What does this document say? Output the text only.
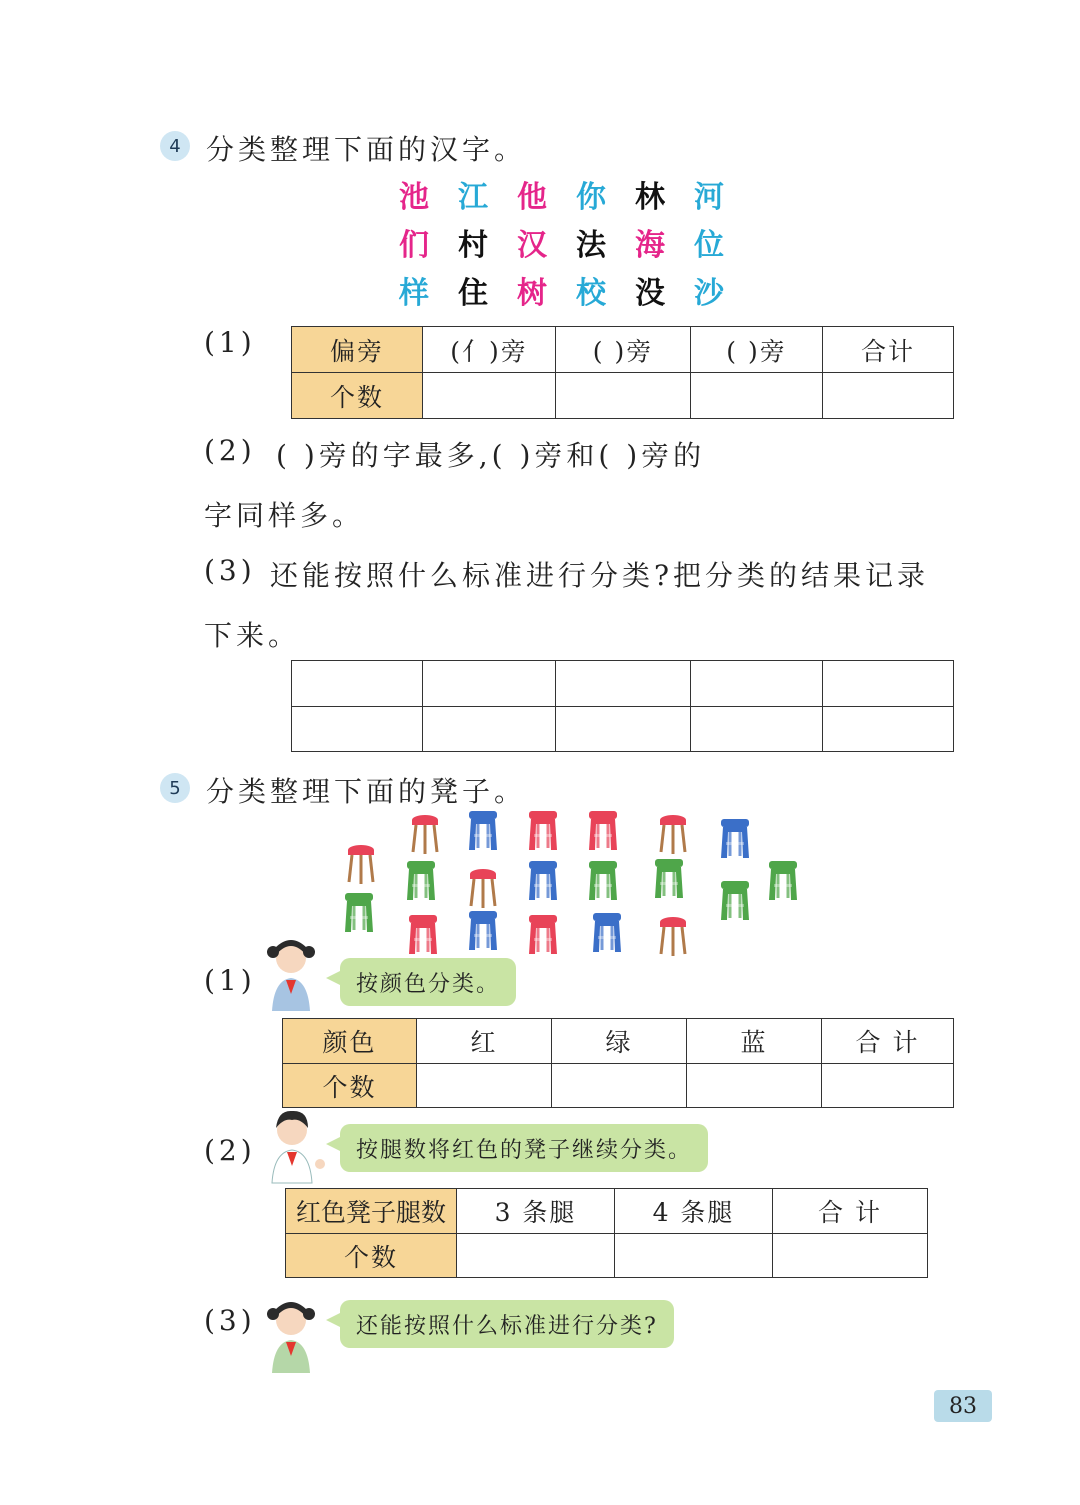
4 分类整理下面的汉字。
池 江 他 你 林 河
们 村 汉 法 海 位
样 住 树 校 没 沙
(1)	偏旁	(亻)旁	( )旁	( )旁	合计
个数				
(2) ( )旁的字最多,( )旁和( )旁的
字同样多。
(3) 还能按照什么标准进行分类?把分类的结果记录
下来。

5 分类整理下面的凳子。
(1)	按颜色分类。
颜色	红	绿	蓝	合 计
个数				
(2)	按腿数将红色的凳子继续分类。
红色凳子腿数	3 条腿	4 条腿	合 计
个数			
(3)	还能按照什么标准进行分类?
83
